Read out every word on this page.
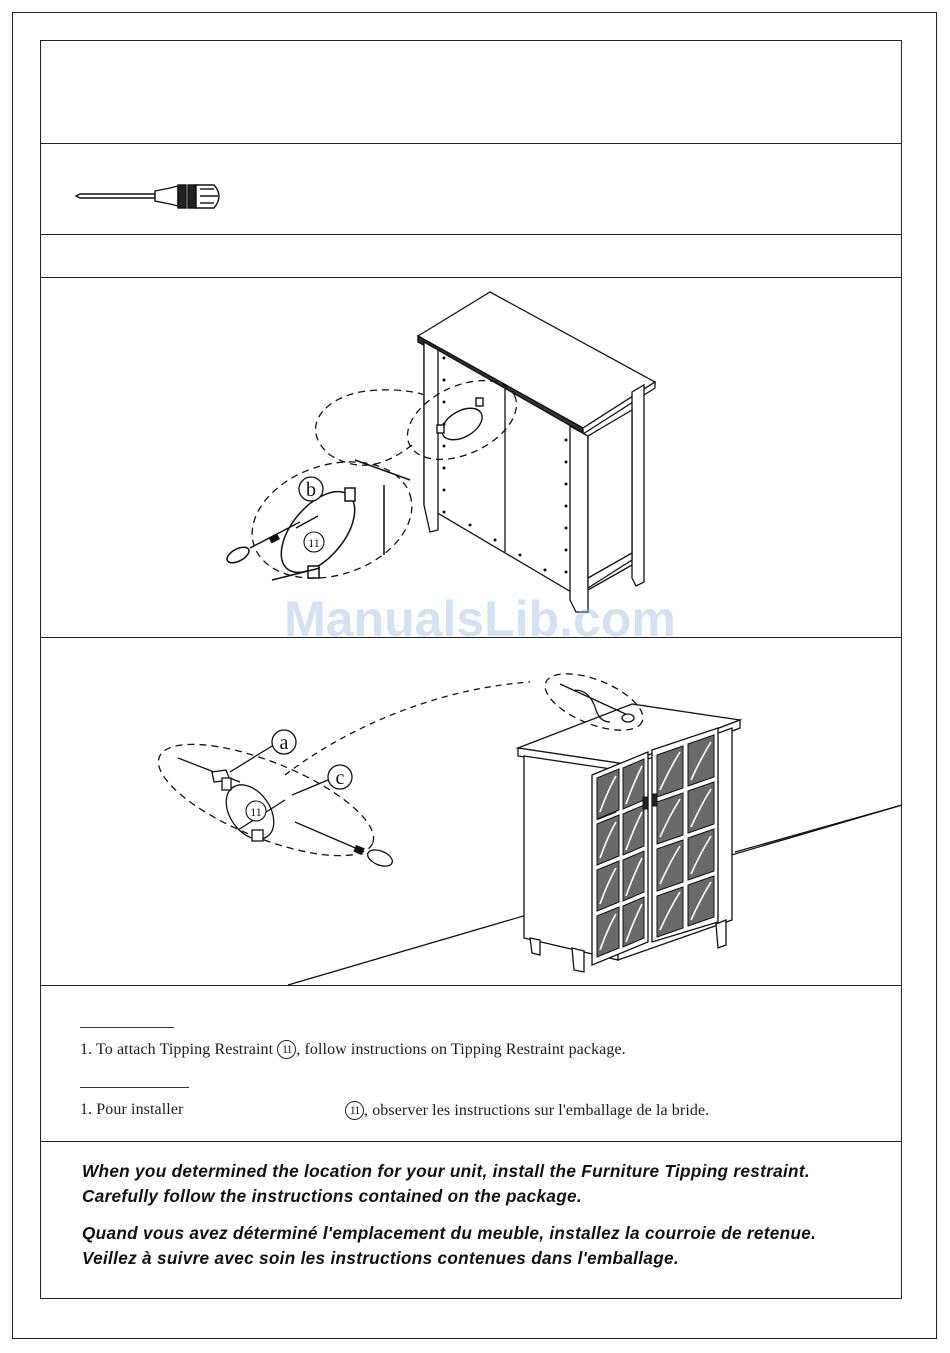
b
11
a
c
11
ManualsLib.com
1. To attach Tipping Restraint 11 , follow instructions on Tipping Restraint package.
1. Pour installer	11 , observer les instructions sur l'emballage de la bride.
When you determined the location for your unit, install the Furniture Tipping restraint.
Carefully follow the instructions contained on the package.
Quand vous avez déterminé l'emplacement du meuble, installez la courroie de retenue.
Veillez à suivre avec soin les instructions contenues dans l'emballage.
